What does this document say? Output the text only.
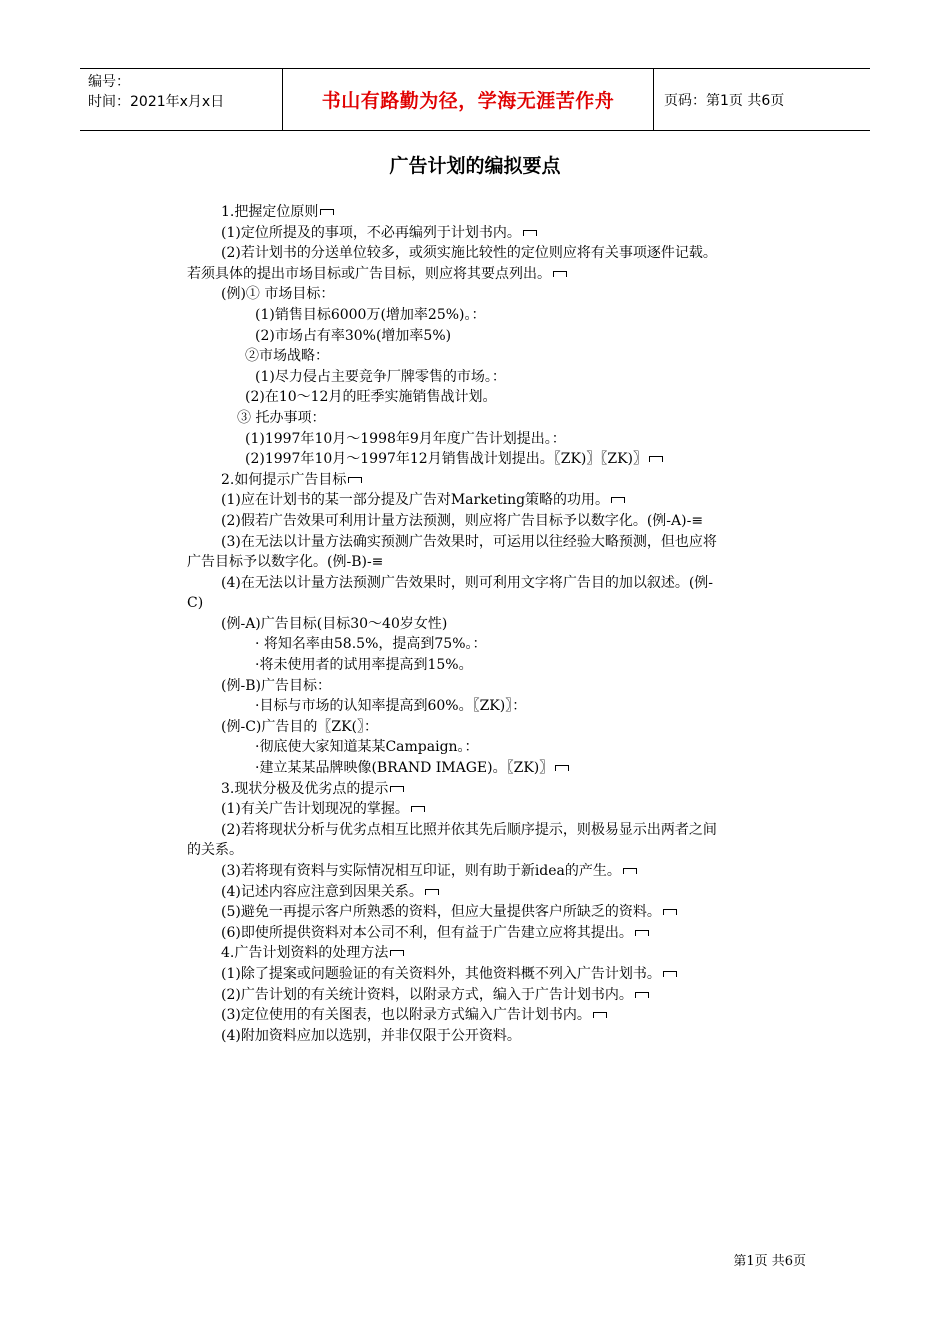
编号：
时间：2021年x月x日	书山有路勤为径，学海无涯苦作舟	页码：第1页 共6页
广告计划的编拟要点
1.把握定位原则
(1)定位所提及的事项，不必再编列于计划书内。
(2)若计划书的分送单位较多，或须实施比较性的定位则应将有关事项逐件记载。
若须具体的提出市场目标或广告目标，则应将其要点列出。
(例)① 市场目标：
(1)销售目标6000万(增加率25%)。：
(2)市场占有率30%(增加率5%)
②市场战略：
(1)尽力侵占主要竞争厂牌零售的市场。：
(2)在10～12月的旺季实施销售战计划。
③ 托办事项：
(1)1997年10月～1998年9月年度广告计划提出。：
(2)1997年10月～1997年12月销售战计划提出。〖ZK)〗〖ZK)〗
2.如何提示广告目标
(1)应在计划书的某一部分提及广告对Marketing策略的功用。
(2)假若广告效果可利用计量方法预测，则应将广告目标予以数字化。(例-A)-≡
(3)在无法以计量方法确实预测广告效果时，可运用以往经验大略预测，但也应将
广告目标予以数字化。(例-B)-≡
(4)在无法以计量方法预测广告效果时，则可利用文字将广告目的加以叙述。(例-
C)
(例-A)广告目标(目标30～40岁女性)
· 将知名率由58.5%，提高到75%。：
·将未使用者的试用率提高到15%。
(例-B)广告目标：
·目标与市场的认知率提高到60%。〖ZK)〗：
(例-C)广告目的〖ZK(〗：
·彻底使大家知道某某Campaign。：
·建立某某品牌映像(BRAND IMAGE)。〖ZK)〗
3.现状分极及优劣点的提示
(1)有关广告计划现况的掌握。
(2)若将现状分析与优劣点相互比照并依其先后顺序提示，则极易显示出两者之间
的关系。
(3)若将现有资料与实际情况相互印证，则有助于新idea的产生。
(4)记述内容应注意到因果关系。
(5)避免一再提示客户所熟悉的资料，但应大量提供客户所缺乏的资料。
(6)即使所提供资料对本公司不利，但有益于广告建立应将其提出。
4.广告计划资料的处理方法
(1)除了提案或问题验证的有关资料外，其他资料概不列入广告计划书。
(2)广告计划的有关统计资料，以附录方式，编入于广告计划书内。
(3)定位使用的有关图表，也以附录方式编入广告计划书内。
(4)附加资料应加以选别，并非仅限于公开资料。
第1页 共6页
